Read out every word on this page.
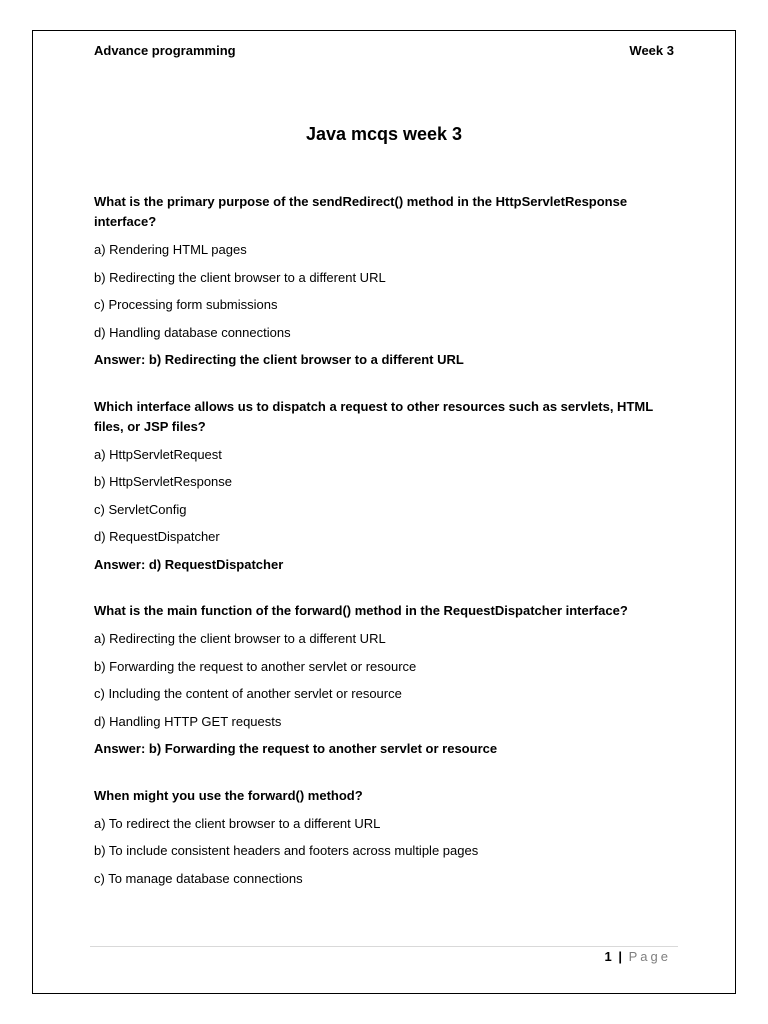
Advance programming	Week 3
Java mcqs week 3

What is the primary purpose of the sendRedirect() method in the HttpServletResponse interface?

a) Rendering HTML pages

b) Redirecting the client browser to a different URL

c) Processing form submissions

d) Handling database connections

Answer: b) Redirecting the client browser to a different URL

Which interface allows us to dispatch a request to other resources such as servlets, HTML files, or JSP files?

a) HttpServletRequest

b) HttpServletResponse

c) ServletConfig

d) RequestDispatcher

Answer: d) RequestDispatcher

What is the main function of the forward() method in the RequestDispatcher interface?

a) Redirecting the client browser to a different URL

b) Forwarding the request to another servlet or resource

c) Including the content of another servlet or resource

d) Handling HTTP GET requests

Answer: b) Forwarding the request to another servlet or resource

When might you use the forward() method?

a) To redirect the client browser to a different URL

b) To include consistent headers and footers across multiple pages

c) To manage database connections

1 | Page
